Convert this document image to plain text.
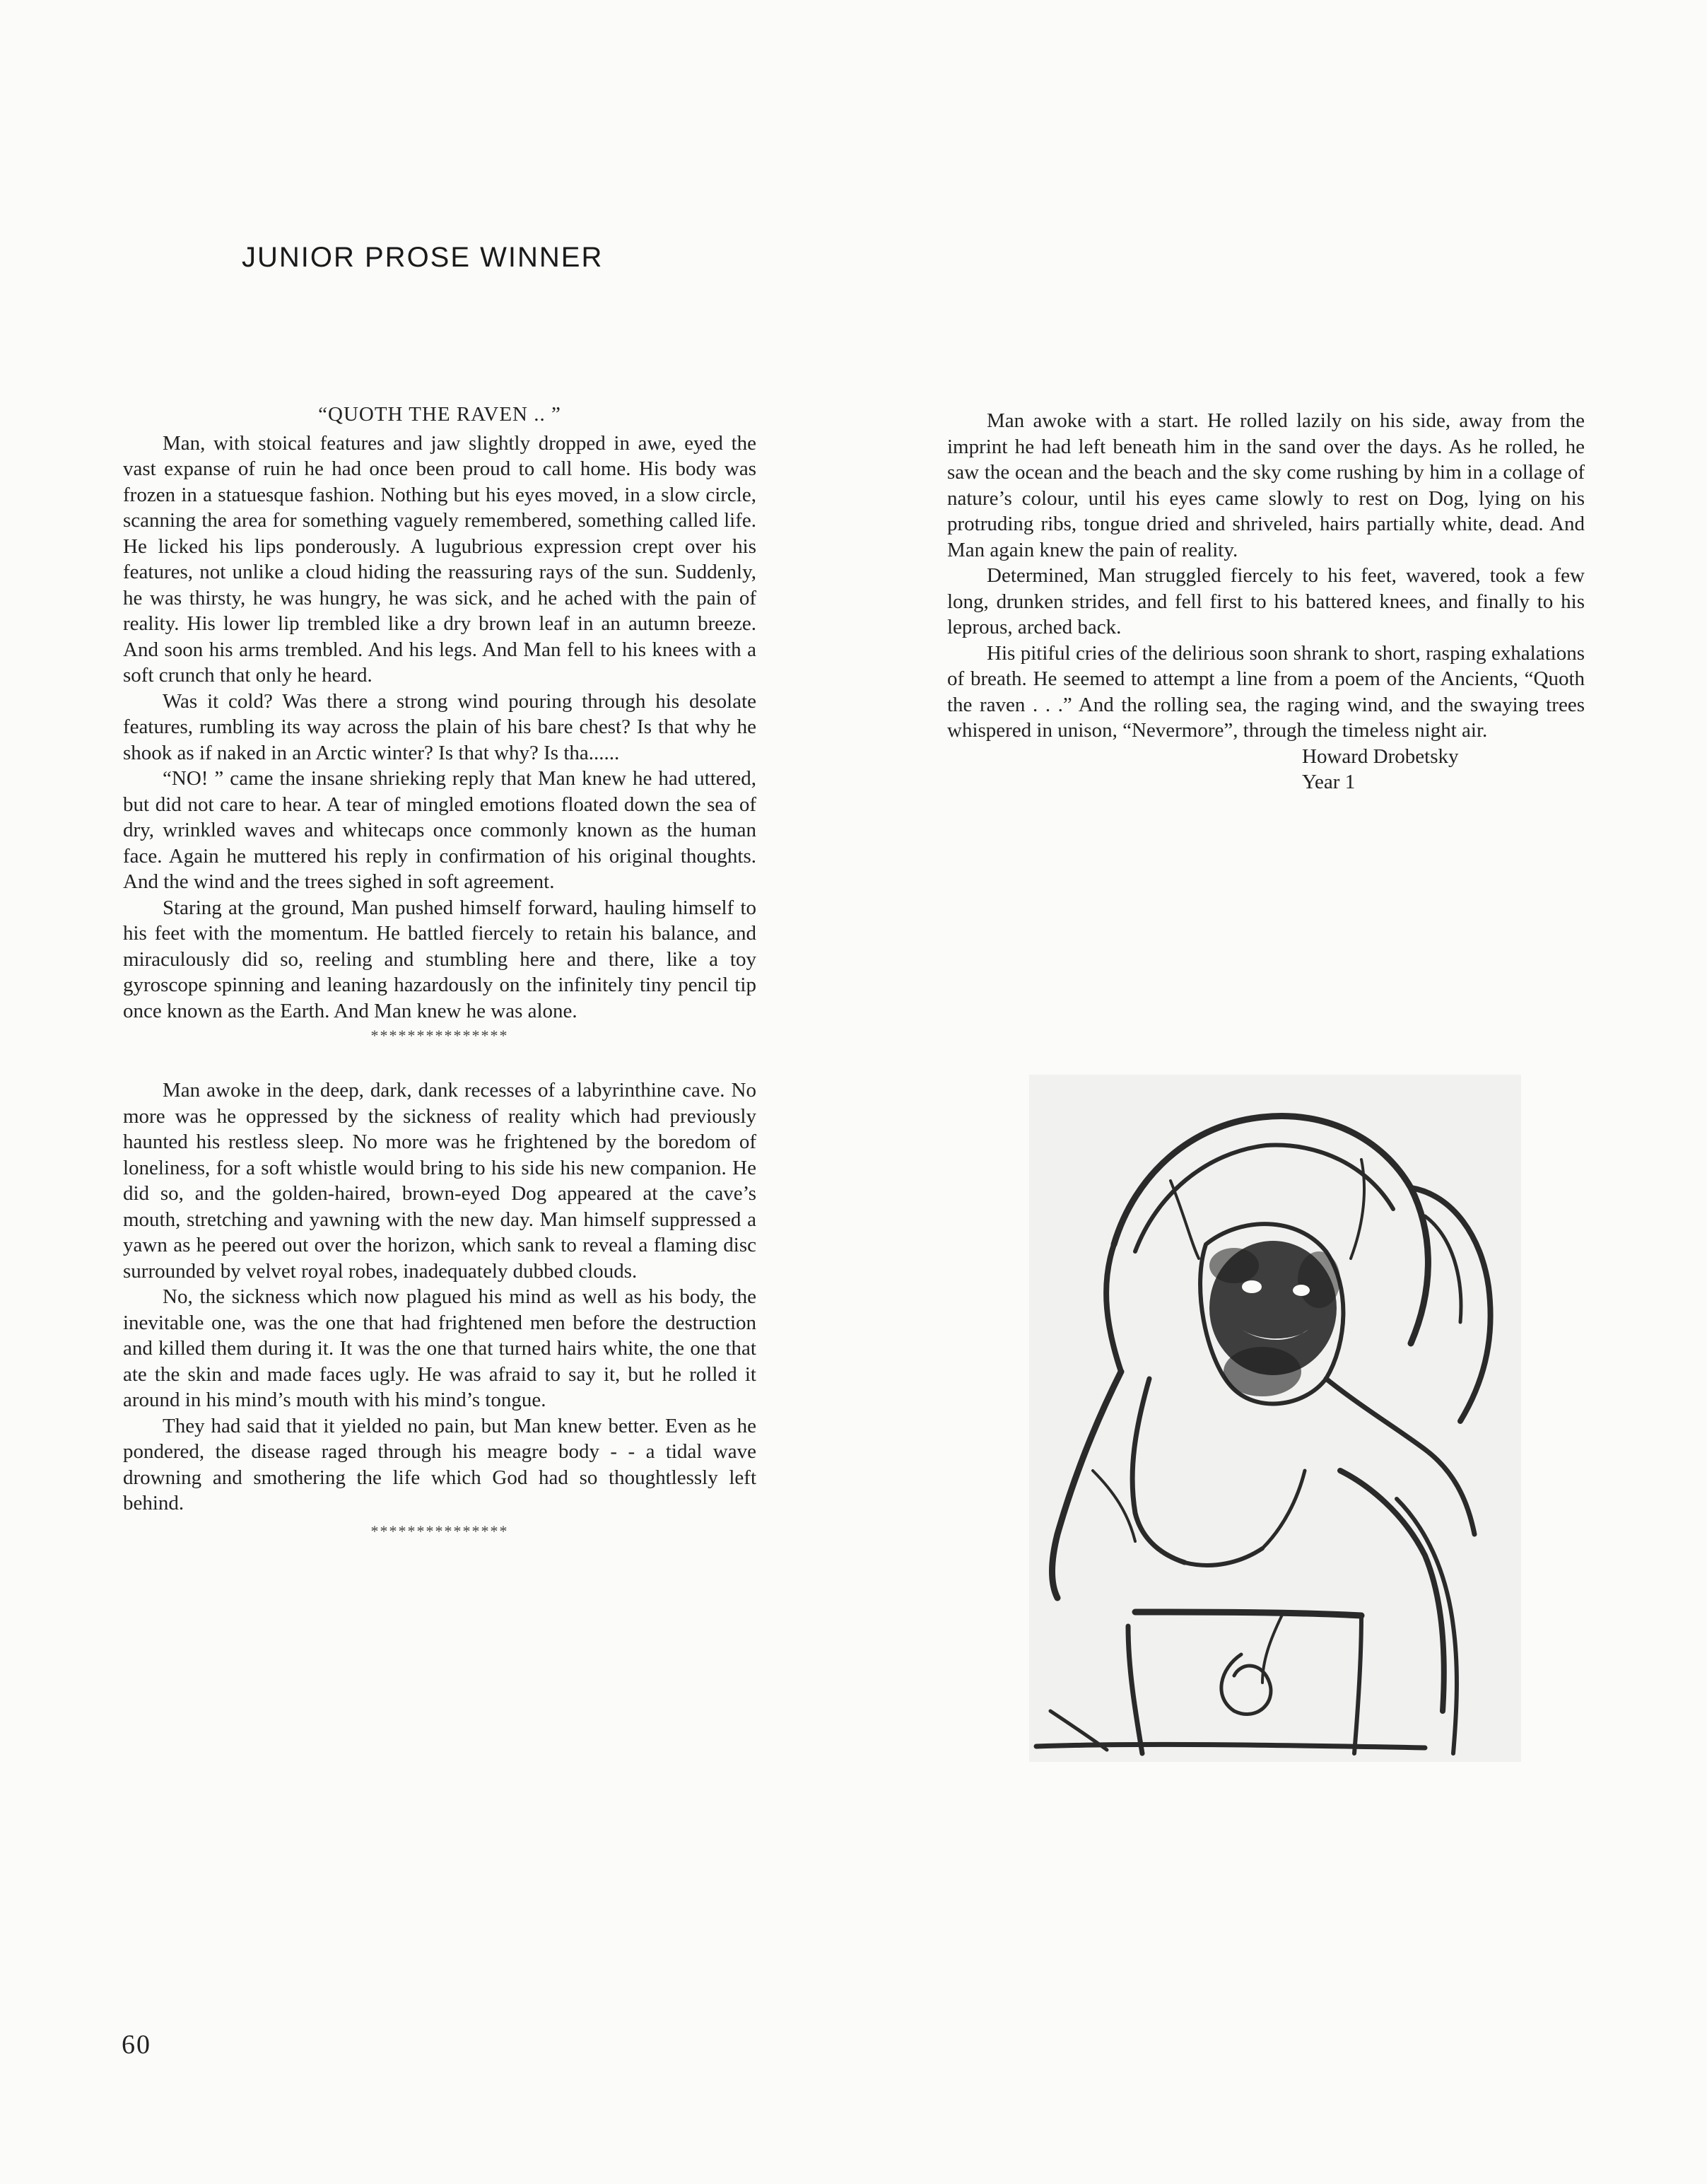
JUNIOR PROSE WINNER

“QUOTH THE RAVEN .. ”

Man, with stoical features and jaw slightly dropped in awe, eyed the vast expanse of ruin he had once been proud to call home. His body was frozen in a statuesque fashion. Nothing but his eyes moved, in a slow circle, scanning the area for something vaguely remembered, something called life. He licked his lips ponderously. A lugubrious expression crept over his features, not unlike a cloud hiding the reassuring rays of the sun. Suddenly, he was thirsty, he was hungry, he was sick, and he ached with the pain of reality. His lower lip trembled like a dry brown leaf in an autumn breeze. And soon his arms trembled. And his legs. And Man fell to his knees with a soft crunch that only he heard.

Was it cold? Was there a strong wind pouring through his desolate features, rumbling its way across the plain of his bare chest? Is that why he shook as if naked in an Arctic winter? Is that why? Is tha......

“NO! ” came the insane shrieking reply that Man knew he had uttered, but did not care to hear. A tear of mingled emotions floated down the sea of dry, wrinkled waves and whitecaps once commonly known as the human face. Again he muttered his reply in confirmation of his original thoughts. And the wind and the trees sighed in soft agreement.

Staring at the ground, Man pushed himself forward, hauling himself to his feet with the momentum. He battled fiercely to retain his balance, and miraculously did so, reeling and stumbling here and there, like a toy gyroscope spinning and leaning hazardously on the infinitely tiny pencil tip once known as the Earth. And Man knew he was alone.

***************

Man awoke in the deep, dark, dank recesses of a labyrinthine cave. No more was he oppressed by the sickness of reality which had previously haunted his restless sleep. No more was he frightened by the boredom of loneliness, for a soft whistle would bring to his side his new companion. He did so, and the golden-haired, brown-eyed Dog appeared at the cave’s mouth, stretching and yawning with the new day. Man himself suppressed a yawn as he peered out over the horizon, which sank to reveal a flaming disc surrounded by velvet royal robes, inadequately dubbed clouds.

No, the sickness which now plagued his mind as well as his body, the inevitable one, was the one that had frightened men before the destruction and killed them during it. It was the one that turned hairs white, the one that ate the skin and made faces ugly. He was afraid to say it, but he rolled it around in his mind’s mouth with his mind’s tongue.

They had said that it yielded no pain, but Man knew better. Even as he pondered, the disease raged through his meagre body - - a tidal wave drowning and smothering the life which God had so thoughtlessly left behind.

***************

Man awoke with a start. He rolled lazily on his side, away from the imprint he had left beneath him in the sand over the days. As he rolled, he saw the ocean and the beach and the sky come rushing by him in a collage of nature’s colour, until his eyes came slowly to rest on Dog, lying on his protruding ribs, tongue dried and shriveled, hairs partially white, dead. And Man again knew the pain of reality.

Determined, Man struggled fiercely to his feet, wavered, took a few long, drunken strides, and fell first to his battered knees, and finally to his leprous, arched back.

His pitiful cries of the delirious soon shrank to short, rasping exhalations of breath. He seemed to attempt a line from a poem of the Ancients, “Quoth the raven . . .” And the rolling sea, the raging wind, and the swaying trees whispered in unison, “Nevermore”, through the timeless night air.

Howard Drobetsky
Year 1
60
